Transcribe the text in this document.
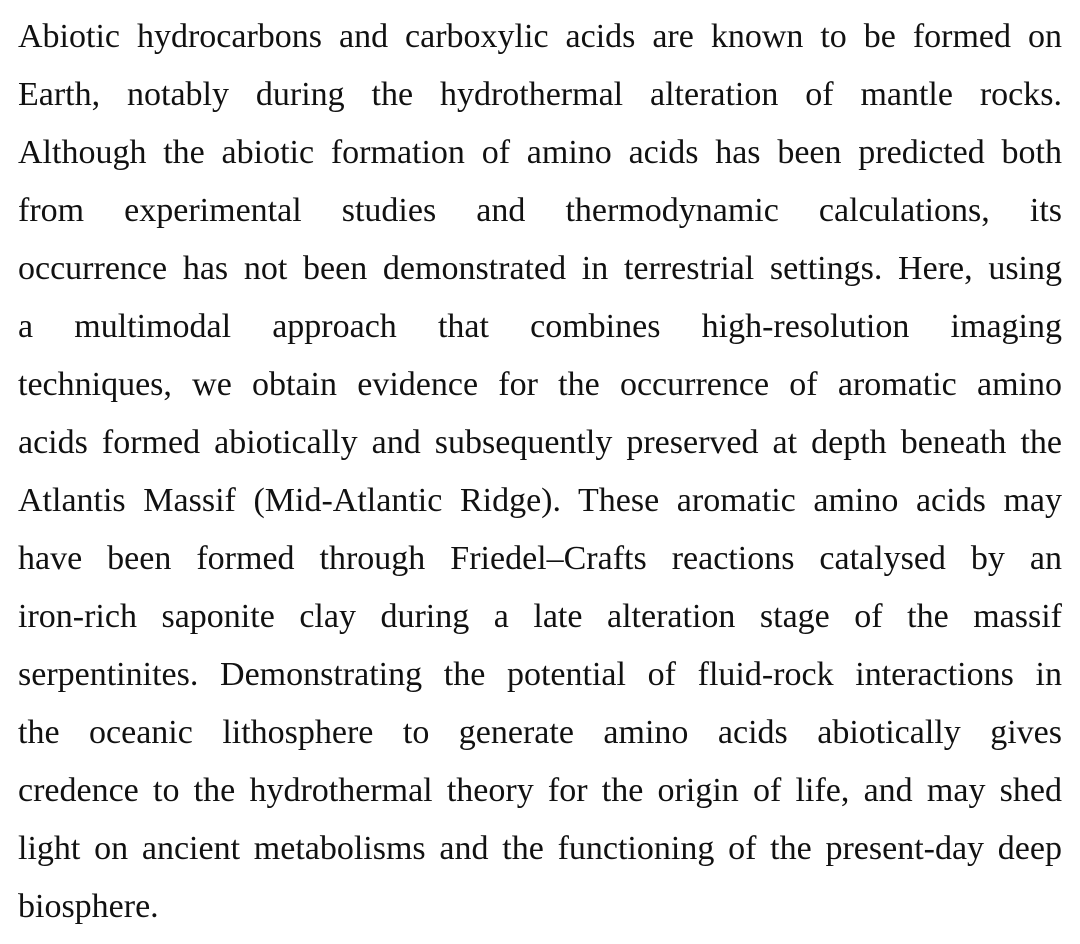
Abiotic hydrocarbons and carboxylic acids are known to be formed on
Earth, notably during the hydrothermal alteration of mantle rocks.
Although the abiotic formation of amino acids has been predicted both
from experimental studies and thermodynamic calculations, its
occurrence has not been demonstrated in terrestrial settings. Here, using
a multimodal approach that combines high-resolution imaging
techniques, we obtain evidence for the occurrence of aromatic amino
acids formed abiotically and subsequently preserved at depth beneath the
Atlantis Massif (Mid-Atlantic Ridge). These aromatic amino acids may
have been formed through Friedel–Crafts reactions catalysed by an
iron-rich saponite clay during a late alteration stage of the massif
serpentinites. Demonstrating the potential of fluid-rock interactions in
the oceanic lithosphere to generate amino acids abiotically gives
credence to the hydrothermal theory for the origin of life, and may shed
light on ancient metabolisms and the functioning of the present-day deep
biosphere.
